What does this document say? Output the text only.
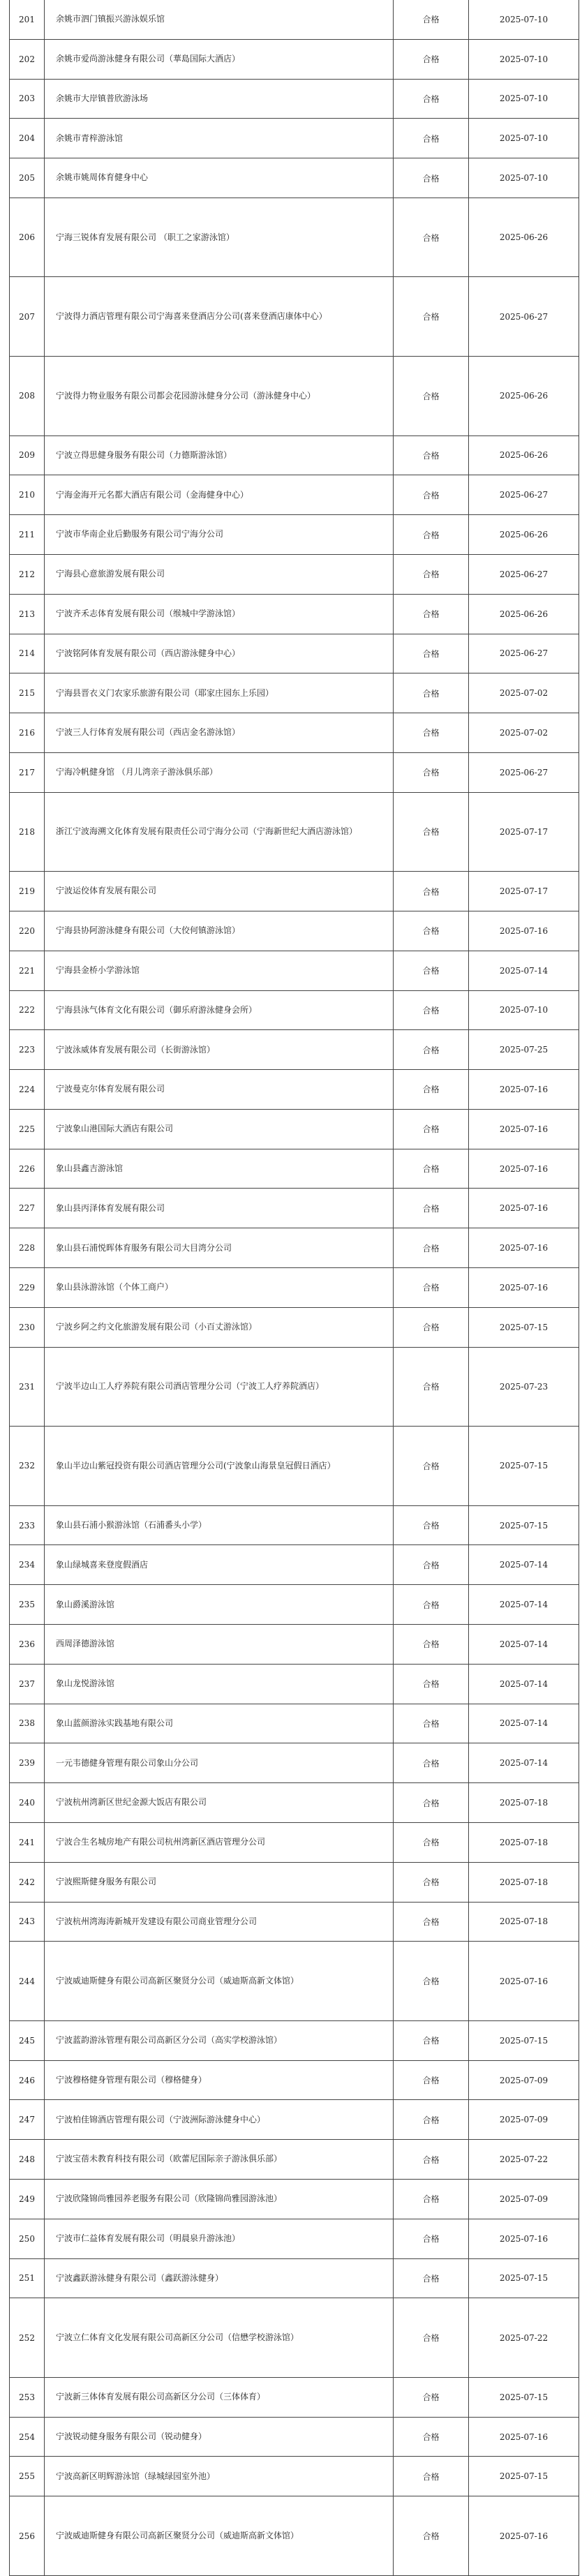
201	余姚市泗门镇振兴游泳娱乐馆	合格	2025-07-10
202	余姚市爱尚游泳健身有限公司（華島国际大酒店）	合格	2025-07-10
203	余姚市大岸镇普欣游泳场	合格	2025-07-10
204	余姚市青梓游泳馆	合格	2025-07-10
205	余姚市姚周体育健身中心	合格	2025-07-10
206	宁海三锐体育发展有限公司 （职工之家游泳馆）	合格	2025-06-26
207	宁波得力酒店管理有限公司宁海喜来登酒店分公司(喜来登酒店康体中心）	合格	2025-06-27
208	宁波得力物业服务有限公司都会花园游泳健身分公司（游泳健身中心）	合格	2025-06-26
209	宁波立得思健身服务有限公司（力德斯游泳馆）	合格	2025-06-26
210	宁海金海开元名都大酒店有限公司（金海健身中心）	合格	2025-06-27
211	宁波市华南企业后勤服务有限公司宁海分公司	合格	2025-06-26
212	宁海县心意旅游发展有限公司	合格	2025-06-27
213	宁波齐禾志体育发展有限公司（缑城中学游泳馆）	合格	2025-06-26
214	宁波铭阿体育发展有限公司（西店游泳健身中心）	合格	2025-06-27
215	宁海县晋衣义门农家乐旅游有限公司（耶家庄园东上乐园）	合格	2025-07-02
216	宁波三人行体育发展有限公司（西店金名游泳馆）	合格	2025-07-02
217	宁海冷帆健身馆 （月儿湾亲子游泳俱乐部）	合格	2025-06-27
218	浙江宁波海溯文化体育发展有限责任公司宁海分公司（宁海新世纪大酒店游泳馆）	合格	2025-07-17
219	宁波运佼体育发展有限公司	合格	2025-07-17
220	宁海县协阿游泳健身有限公司（大佼何镇游泳馆）	合格	2025-07-16
221	宁海县金桥小学游泳馆	合格	2025-07-14
222	宁海县泳气体育文化有限公司（御乐府游泳健身会所）	合格	2025-07-10
223	宁波泳威体育发展有限公司（长街游泳馆）	合格	2025-07-25
224	宁波曼克尔体育发展有限公司	合格	2025-07-16
225	宁波象山港国际大酒店有限公司	合格	2025-07-16
226	象山县鑫吉游泳馆	合格	2025-07-16
227	象山县丙泽体育发展有限公司	合格	2025-07-16
228	象山县石浦悦晖体育服务有限公司大目湾分公司	合格	2025-07-16
229	象山县泳游泳馆（个体工商户）	合格	2025-07-16
230	宁波乡阿之约文化旅游发展有限公司（小百丈游泳馆）	合格	2025-07-15
231	宁波半边山工人疗养院有限公司酒店管理分公司（宁波工人疗养院酒店）	合格	2025-07-23
232	象山半边山紫冠投资有限公司酒店管理分公司(宁波象山海景皇冠假日酒店）	合格	2025-07-15
233	象山县石浦小猴游泳馆（石浦番头小学）	合格	2025-07-15
234	象山绿城喜来登度假酒店	合格	2025-07-14
235	象山爵溪游泳馆	合格	2025-07-14
236	西周泽德游泳馆	合格	2025-07-14
237	象山龙悦游泳馆	合格	2025-07-14
238	象山蓝颜游泳实践基地有限公司	合格	2025-07-14
239	一元韦德健身管理有限公司象山分公司	合格	2025-07-14
240	宁波杭州湾新区世纪金源大饭店有限公司	合格	2025-07-18
241	宁波合生名城房地产有限公司杭州湾新区酒店管理分公司	合格	2025-07-18
242	宁波熙斯健身服务有限公司	合格	2025-07-18
243	宁波杭州湾海涛新城开发建设有限公司商业管理分公司	合格	2025-07-18
244	宁波威迪斯健身有限公司高新区聚贤分公司（威迪斯高新文体馆）	合格	2025-07-16
245	宁波蓝韵游泳管理有限公司高新区分公司（高实学校游泳馆）	合格	2025-07-15
246	宁波穆格健身管理有限公司（穆格健身）	合格	2025-07-09
247	宁波柏佳锦酒店管理有限公司（宁波洲际游泳健身中心）	合格	2025-07-09
248	宁波宝蓓未教育科技有限公司（欧蕾尼国际亲子游泳俱乐部）	合格	2025-07-22
249	宁波欣隆锦尚雅园养老服务有限公司（欣隆锦尚雅园游泳池）	合格	2025-07-09
250	宁波市仁益体育发展有限公司（明晨泉升游泳池）	合格	2025-07-16
251	宁波鑫跃游泳健身有限公司（鑫跃游泳健身）	合格	2025-07-15
252	宁波立仁体育文化发展有限公司高新区分公司（信懋学校游泳馆）	合格	2025-07-22
253	宁波新三体体育发展有限公司高新区分公司（三体体育）	合格	2025-07-15
254	宁波锐动健身服务有限公司（锐动健身）	合格	2025-07-16
255	宁波高新区明辉游泳馆（绿城绿园室外池）	合格	2025-07-15
256	宁波威迪斯健身有限公司高新区聚贤分公司（威迪斯高新文体馆）	合格	2025-07-16
